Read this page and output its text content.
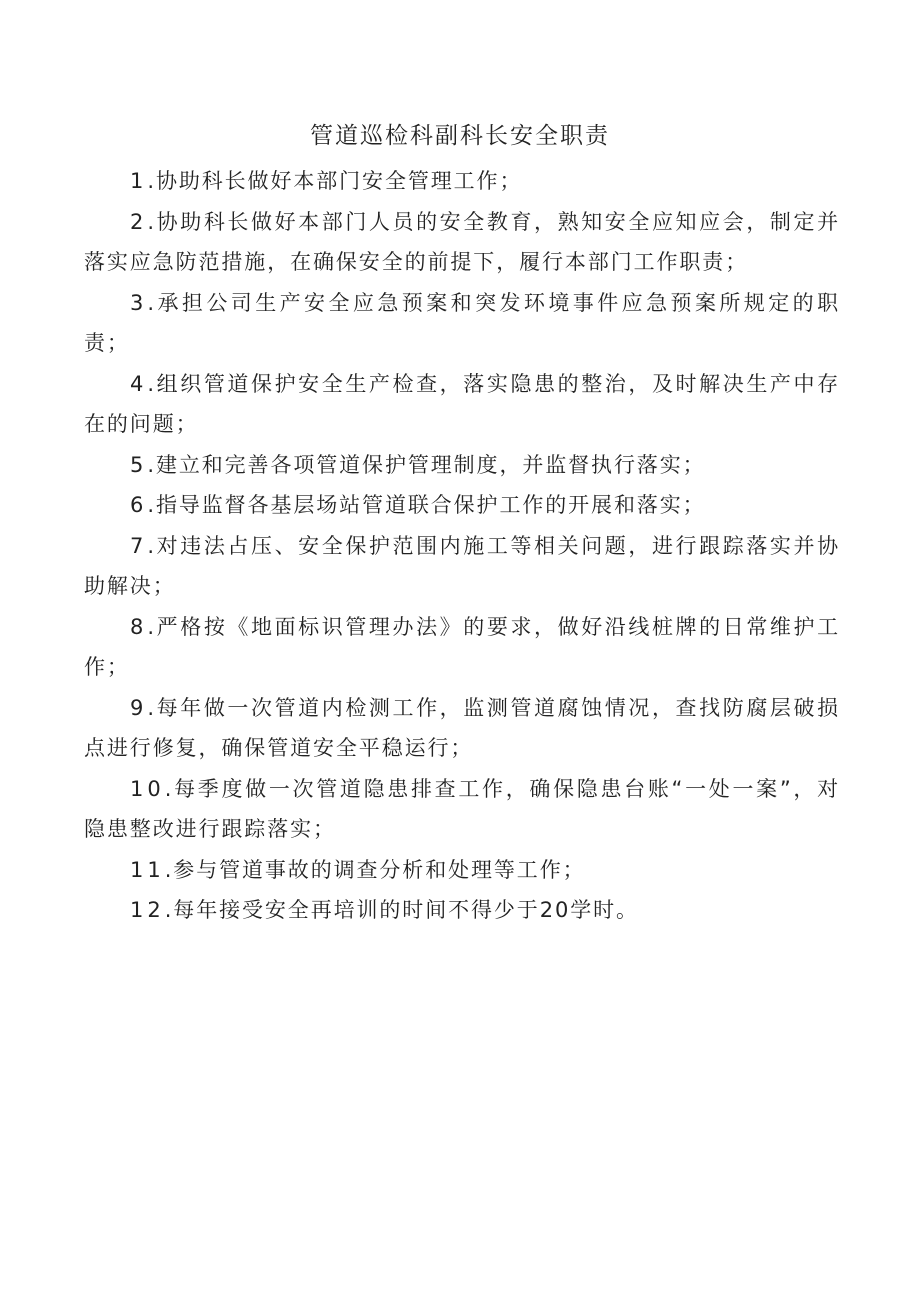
管道巡检科副科长安全职责

1.协助科长做好本部门安全管理工作；

2.协助科长做好本部门人员的安全教育，熟知安全应知应会，制定并落实应急防范措施，在确保安全的前提下，履行本部门工作职责；

3.承担公司生产安全应急预案和突发环境事件应急预案所规定的职责；

4.组织管道保护安全生产检查，落实隐患的整治，及时解决生产中存在的问题；

5.建立和完善各项管道保护管理制度，并监督执行落实；

6.指导监督各基层场站管道联合保护工作的开展和落实；

7.对违法占压、安全保护范围内施工等相关问题，进行跟踪落实并协助解决；

8.严格按《地面标识管理办法》的要求，做好沿线桩牌的日常维护工作；

9.每年做一次管道内检测工作，监测管道腐蚀情况，查找防腐层破损点进行修复，确保管道安全平稳运行；

10.每季度做一次管道隐患排查工作，确保隐患台账“一处一案”，对隐患整改进行跟踪落实；

11.参与管道事故的调查分析和处理等工作；

12.每年接受安全再培训的时间不得少于20学时。
